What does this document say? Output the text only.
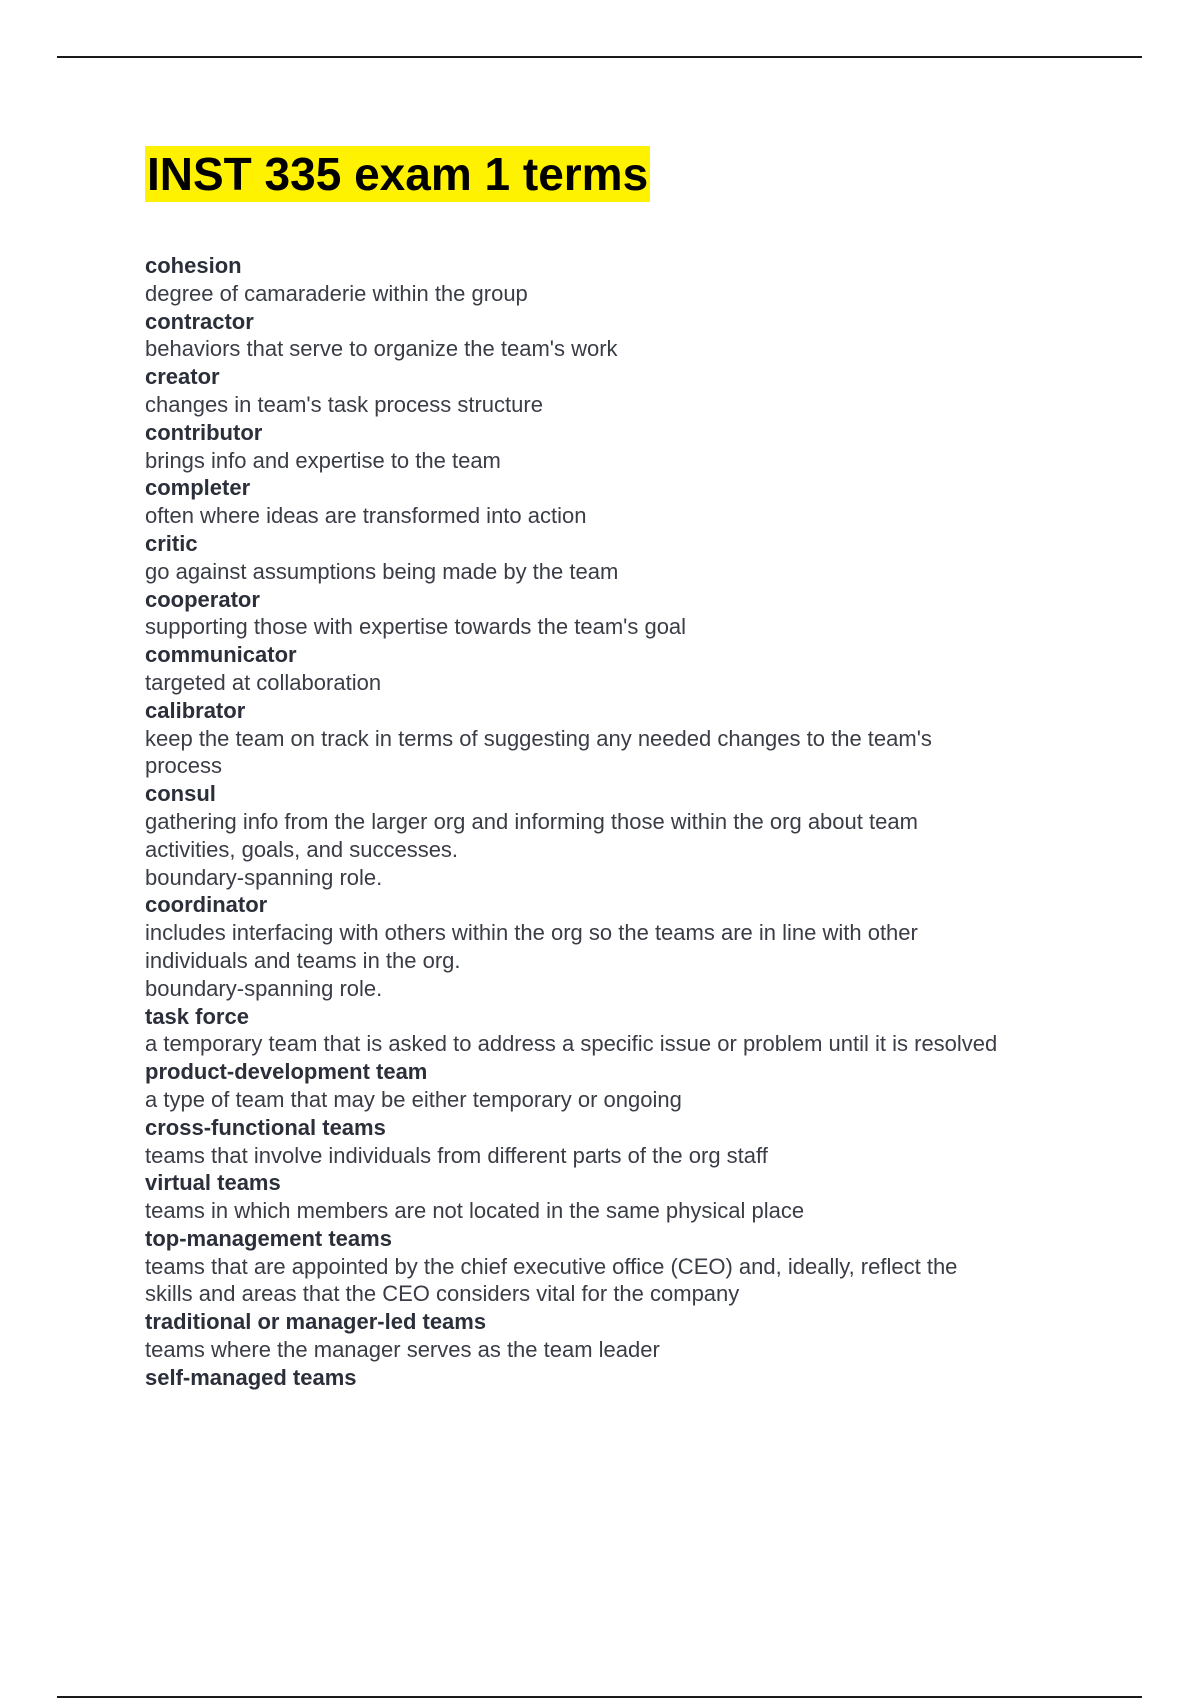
INST 335 exam 1 terms
cohesion
degree of camaraderie within the group
contractor
behaviors that serve to organize the team's work
creator
changes in team's task process structure
contributor
brings info and expertise to the team
completer
often where ideas are transformed into action
critic
go against assumptions being made by the team
cooperator
supporting those with expertise towards the team's goal
communicator
targeted at collaboration
calibrator
keep the team on track in terms of suggesting any needed changes to the team's
process
consul
gathering info from the larger org and informing those within the org about team
activities, goals, and successes.
boundary-spanning role.
coordinator
includes interfacing with others within the org so the teams are in line with other
individuals and teams in the org.
boundary-spanning role.
task force
a temporary team that is asked to address a specific issue or problem until it is resolved
product-development team
a type of team that may be either temporary or ongoing
cross-functional teams
teams that involve individuals from different parts of the org staff
virtual teams
teams in which members are not located in the same physical place
top-management teams
teams that are appointed by the chief executive office (CEO) and, ideally, reflect the
skills and areas that the CEO considers vital for the company
traditional or manager-led teams
teams where the manager serves as the team leader
self-managed teams
